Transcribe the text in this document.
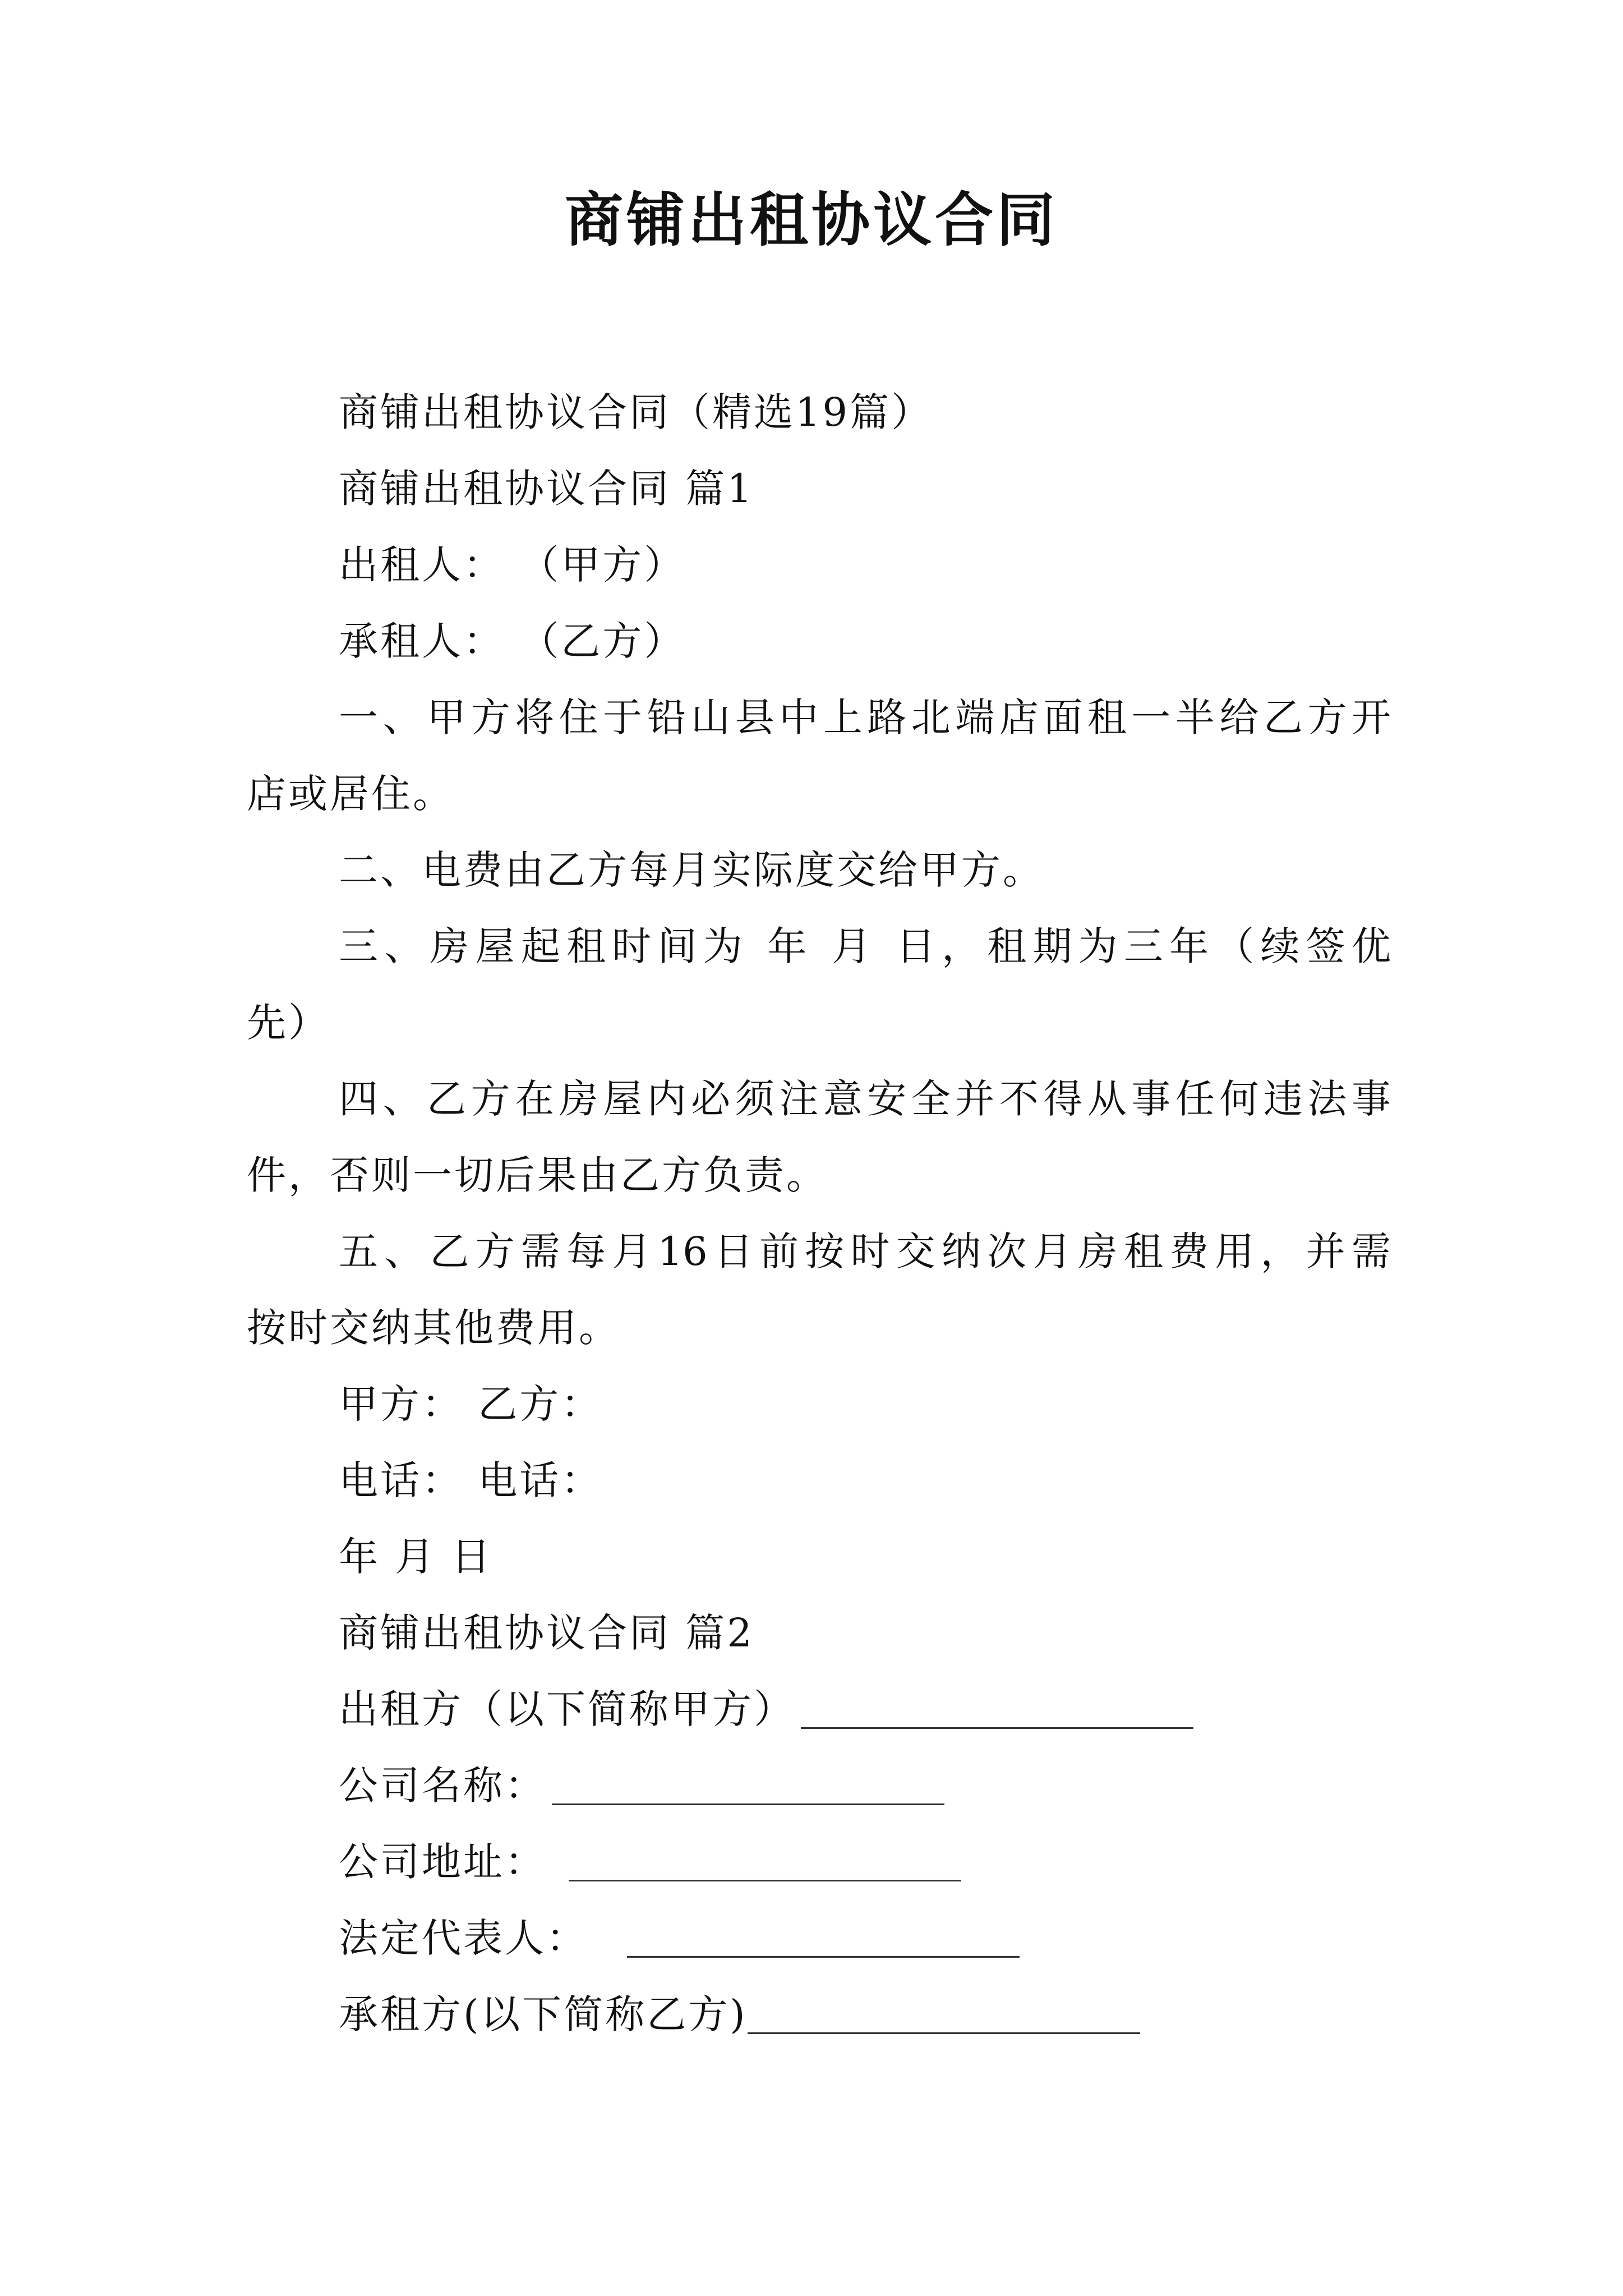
商铺出租协议合同
商铺出租协议合同（精选19篇）
商铺出租协议合同 篇1
出租人： （甲方）
承租人： （乙方）
一、甲方将住于铅山县中上路北端店面租一半给乙方开
店或居住。
二、电费由乙方每月实际度交给甲方。
三、房屋起租时间为 年 月 日，租期为三年（续签优
先）
四、乙方在房屋内必须注意安全并不得从事任何违法事
件，否则一切后果由乙方负责。
五、乙方需每月16日前按时交纳次月房租费用，并需
按时交纳其他费用。
甲方： 乙方：
电话： 电话：
年 月 日
商铺出租协议合同 篇2
出租方（以下简称甲方）
公司名称：
公司地址：
法定代表人：
承租方(以下简称乙方)
